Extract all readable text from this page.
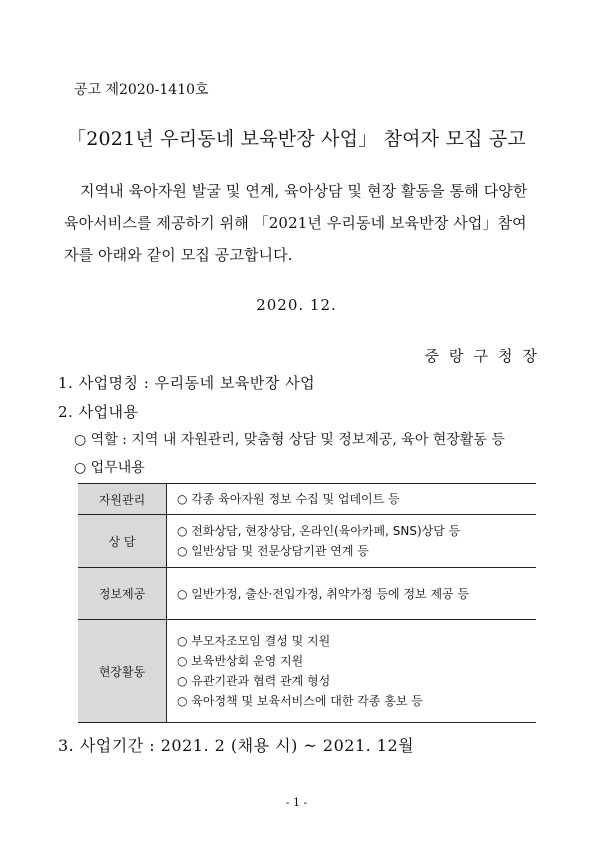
공고 제2020-1410호
「2021년 우리동네 보육반장 사업」 참여자 모집 공고
지역내 육아자원 발굴 및 연계, 육아상담 및 현장 활동을 통해 다양한
육아서비스를 제공하기 위해 「2021년 우리동네 보육반장 사업」참여
자를 아래와 같이 모집 공고합니다.
2020. 12.
중랑구청장
1. 사업명칭 : 우리동네 보육반장 사업
2. 사업내용
○ 역할 : 지역 내 자원관리, 맞춤형 상담 및 정보제공, 육아 현장활동 등
○ 업무내용
자원관리	○ 각종 육아자원 정보 수집 및 업데이트 등

상 담	○ 전화상담, 현장상담, 온라인(육아카페, SNS)상담 등
○ 일반상담 및 전문상담기관 연계 등

정보제공	○ 일반가정, 출산·전입가정, 취약가정 등에 정보 제공 등

현장활동	○ 부모자조모임 결성 및 지원
○ 보육반상회 운영 지원
○ 유관기관과 협력 관계 형성
○ 육아정책 및 보육서비스에 대한 각종 홍보 등
3. 사업기간 : 2021. 2 (채용 시) ~ 2021. 12월
- 1 -
